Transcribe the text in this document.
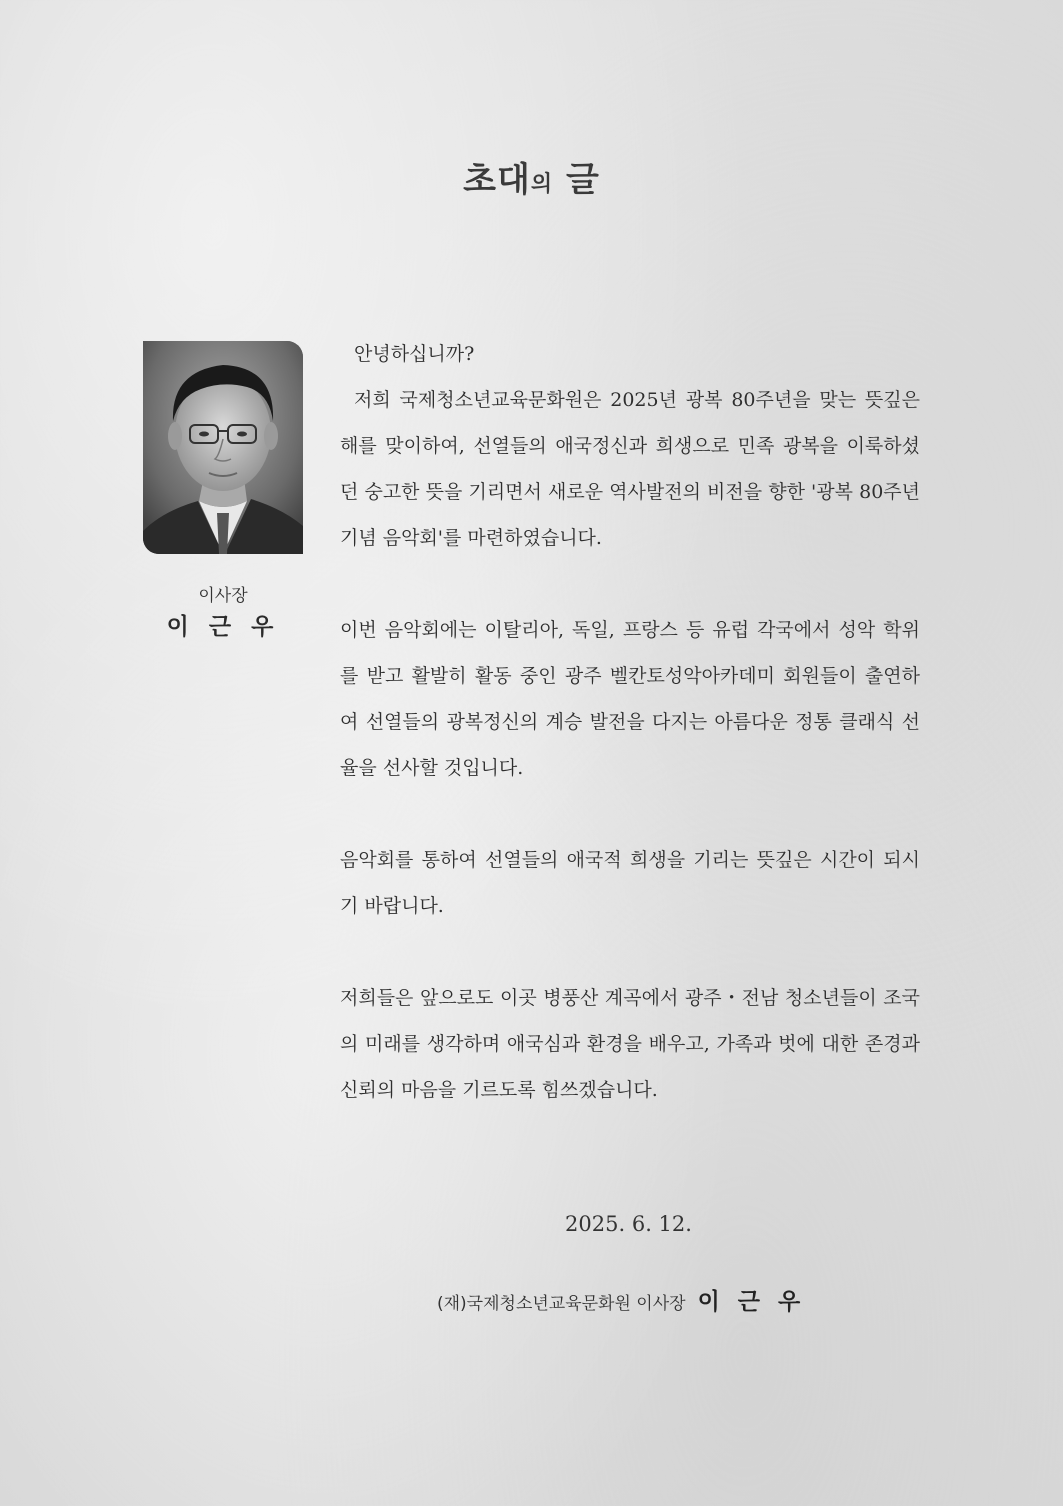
초대의 글
이사장
이 근 우

안녕하십니까?

저희 국제청소년교육문화원은 2025년 광복 80주년을 맞는 뜻깊은 해를 맞이하여, 선열들의 애국정신과 희생으로 민족 광복을 이룩하셨던 숭고한 뜻을 기리면서 새로운 역사발전의 비전을 향한 '광복 80주년 기념 음악회'를 마련하였습니다.

이번 음악회에는 이탈리아, 독일, 프랑스 등 유럽 각국에서 성악 학위를 받고 활발히 활동 중인 광주 벨칸토성악아카데미 회원들이 출연하여 선열들의 광복정신의 계승 발전을 다지는 아름다운 정통 클래식 선율을 선사할 것입니다.

음악회를 통하여 선열들의 애국적 희생을 기리는 뜻깊은 시간이 되시기 바랍니다.

저희들은 앞으로도 이곳 병풍산 계곡에서 광주・전남 청소년들이 조국의 미래를 생각하며 애국심과 환경을 배우고, 가족과 벗에 대한 존경과 신뢰의 마음을 기르도록 힘쓰겠습니다.

2025. 6. 12.
(재)국제청소년교육문화원 이사장 이 근 우
